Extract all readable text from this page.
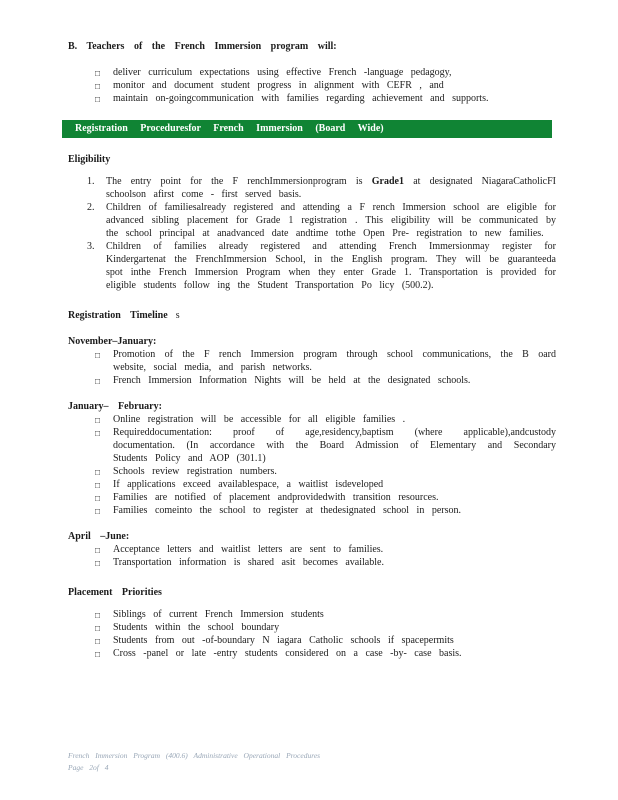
B. Teachers of the French Immersion program will:

□ deliver curriculum expectations using effective French -language pedagogy,
□ monitor and document student progress in alignment with CEFR , and
□ maintain on-goingcommunication with families regarding achievement and supports.
Registration Proceduresfor French Immersion (Board Wide)

Eligibility

1. The entry point for the F renchImmersionprogram is Grade1 at designated NiagaraCatholicFI schoolson afirst come - first served basis.
2. Children of familiesalready registered and attending a F rench Immersion school are eligible for advanced sibling placement for Grade 1 registration . This eligibility will be communicated by the school principal at anadvanced date andtime tothe Open Pre- registration to new families.
3. Children of families already registered and attending French Immersionmay register for Kindergartenat the FrenchImmersion School, in the English program. They will be guaranteeda spot inthe French Immersion Program when they enter Grade 1. Transportation is provided for eligible students follow ing the Student Transportation Po licy (500.2).

Registration Timeline s

November–January:

□ Promotion of the F rench Immersion program through school communications, the B oard website, social media, and parish networks.
□ French Immersion Information Nights will be held at the designated schools.

January– February:

□ Online registration will be accessible for all eligible families .
□ Requireddocumentation: proof of age,residency,baptism (where applicable),andcustody documentation. (In accordance with the Board Admission of Elementary and Secondary Students Policy and AOP (301.1)
□ Schools review registration numbers.
□ If applications exceed availablespace, a waitlist isdeveloped
□ Families are notified of placement andprovidedwith transition resources.
□ Families comeinto the school to register at thedesignated school in person.

April –June:

□ Acceptance letters and waitlist letters are sent to families.
□ Transportation information is shared asit becomes available.

Placement Priorities

□ Siblings of current French Immersion students
□ Students within the school boundary
□ Students from out -of-boundary N iagara Catholic schools if spacepermits
□ Cross -panel or late -entry students considered on a case -by- case basis.

French Immersion Program (400.6) Administrative Operational Procedures

Page 2of 4
